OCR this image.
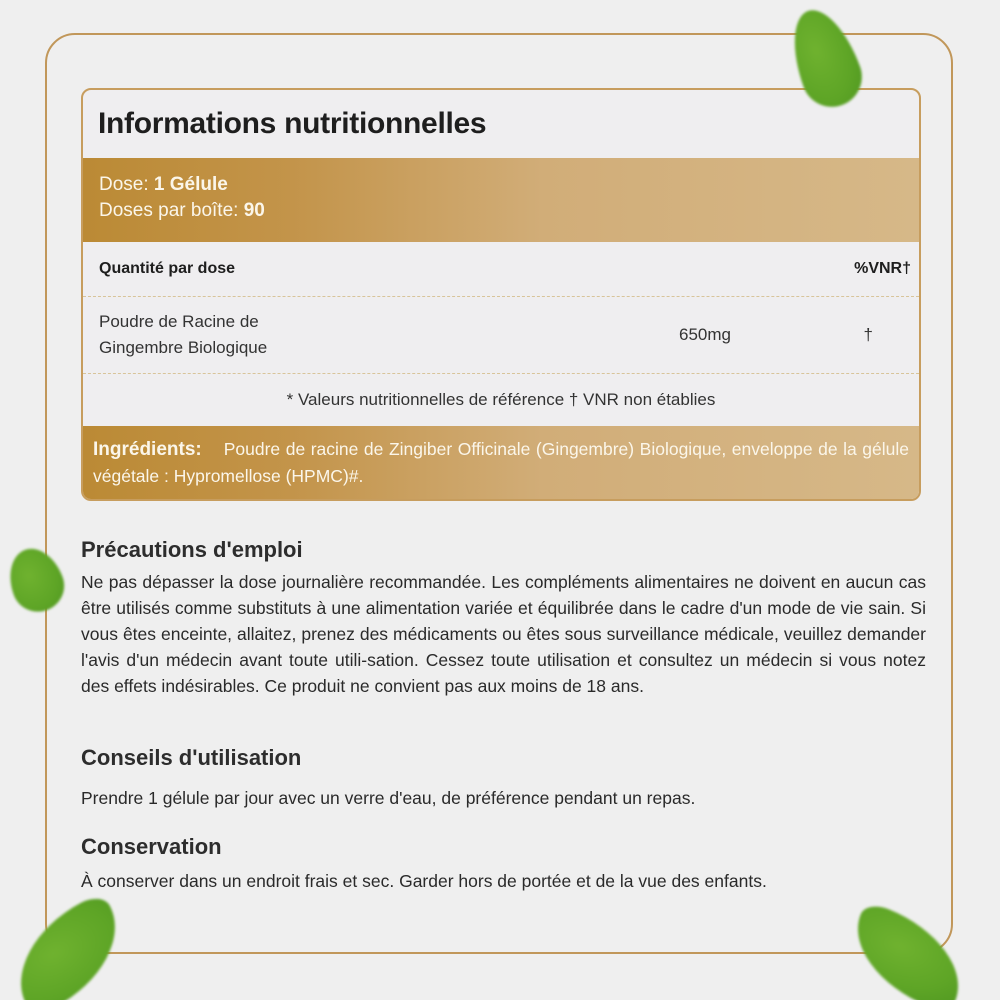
Informations nutritionnelles
Dose: 1 Gélule
Doses par boîte: 90
Quantité par dose	%VNR†
Poudre de Racine de
Gingembre Biologique
650mg	†
* Valeurs nutritionnelles de référence † VNR non établies
Ingrédients: Poudre de racine de Zingiber Officinale (Gingembre) Biologique, enveloppe de la gélule végétale : Hypromellose (HPMC)#.
Précautions d'emploi

Ne pas dépasser la dose journalière recommandée. Les compléments alimentaires ne doivent en aucun cas être utilisés comme substituts à une alimentation variée et équilibrée dans le cadre d'un mode de vie sain. Si vous êtes enceinte, allaitez, prenez des médicaments ou êtes sous surveillance médicale, veuillez demander l'avis d'un médecin avant toute utili-sation. Cessez toute utilisation et consultez un médecin si vous notez des effets indésirables. Ce produit ne convient pas aux moins de 18 ans.

Conseils d'utilisation

Prendre 1 gélule par jour avec un verre d'eau, de préférence pendant un repas.

Conservation

À conserver dans un endroit frais et sec. Garder hors de portée et de la vue des enfants.
